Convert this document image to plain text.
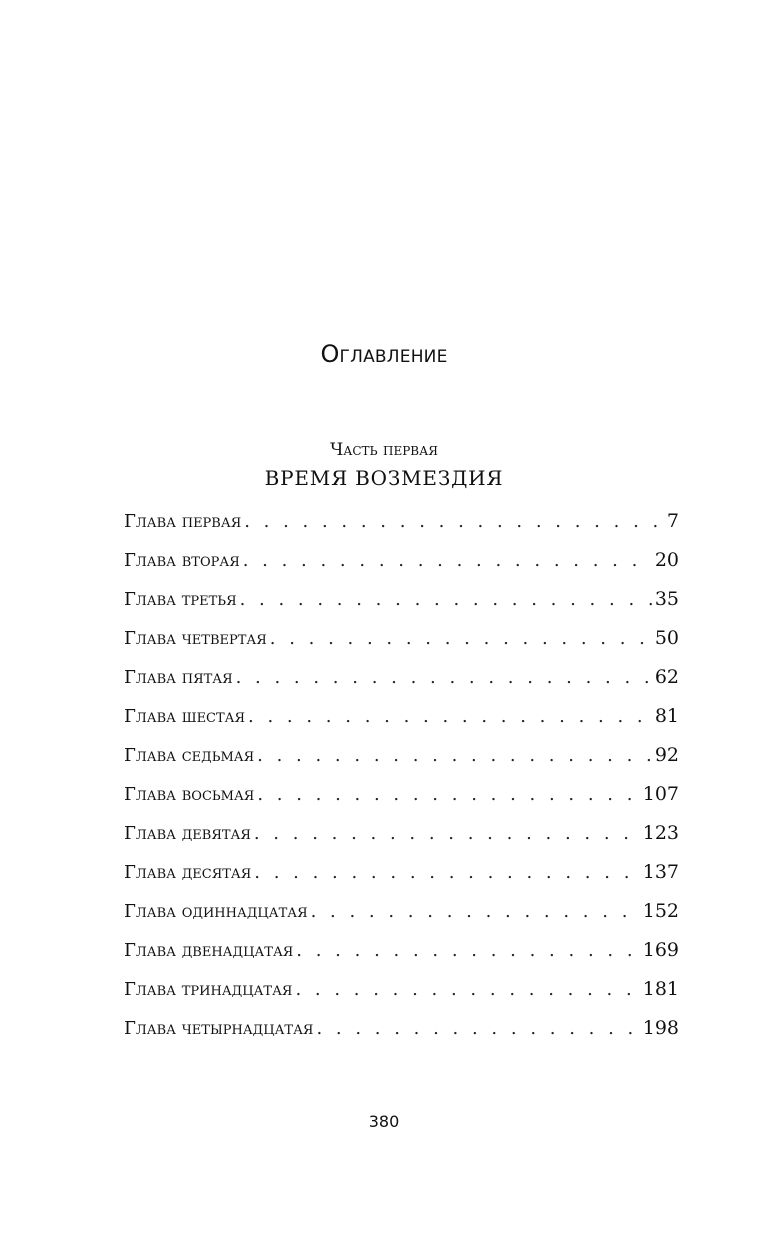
Оглавление
Часть первая
ВРЕМЯ ВОЗМЕЗДИЯ
Глава первая . . .	7
Глава вторая . . .	20
Глава третья . . .	35
Глава четвертая . . .	50
Глава пятая . . .	62
Глава шестая . . .	81
Глава седьмая . . .	92
Глава восьмая . . .	107
Глава девятая . . .	123
Глава десятая . . .	137
Глава одиннадцатая . . .	152
Глава двенадцатая . . .	169
Глава тринадцатая . . .	181
Глава четырнадцатая . . .	198
380
